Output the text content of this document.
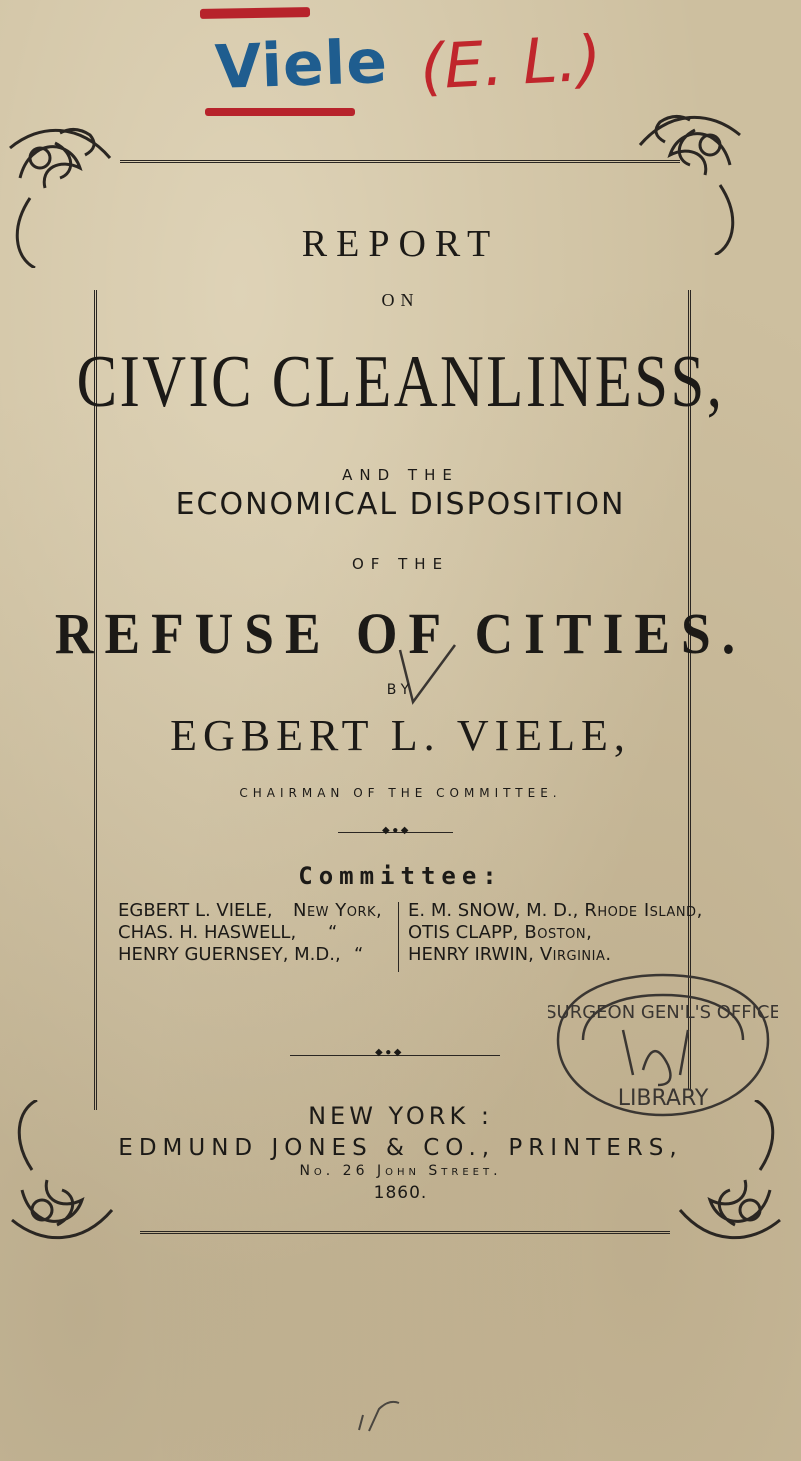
Viele (E. L.)
REPORT
ON
CIVIC CLEANLINESS,
AND THE
ECONOMICAL DISPOSITION
OF THE
REFUSE OF CITIES.
BY
EGBERT L. VIELE,
CHAIRMAN OF THE COMMITTEE.
◆ ● ◆
Committee:
EGBERT L. VIELE,	New York,
CHAS. H. HASWELL,	“
HENRY GUERNSEY, M.D., “
E. M. SNOW, M. D., Rhode Island,
OTIS CLAPP, Boston,
HENRY IRWIN, Virginia.
◆ ● ◆
SURGEON GEN'L'S OFFICE
LIBRARY
NEW YORK :
EDMUND JONES & CO., PRINTERS,
No. 26 John Street.
1860.
